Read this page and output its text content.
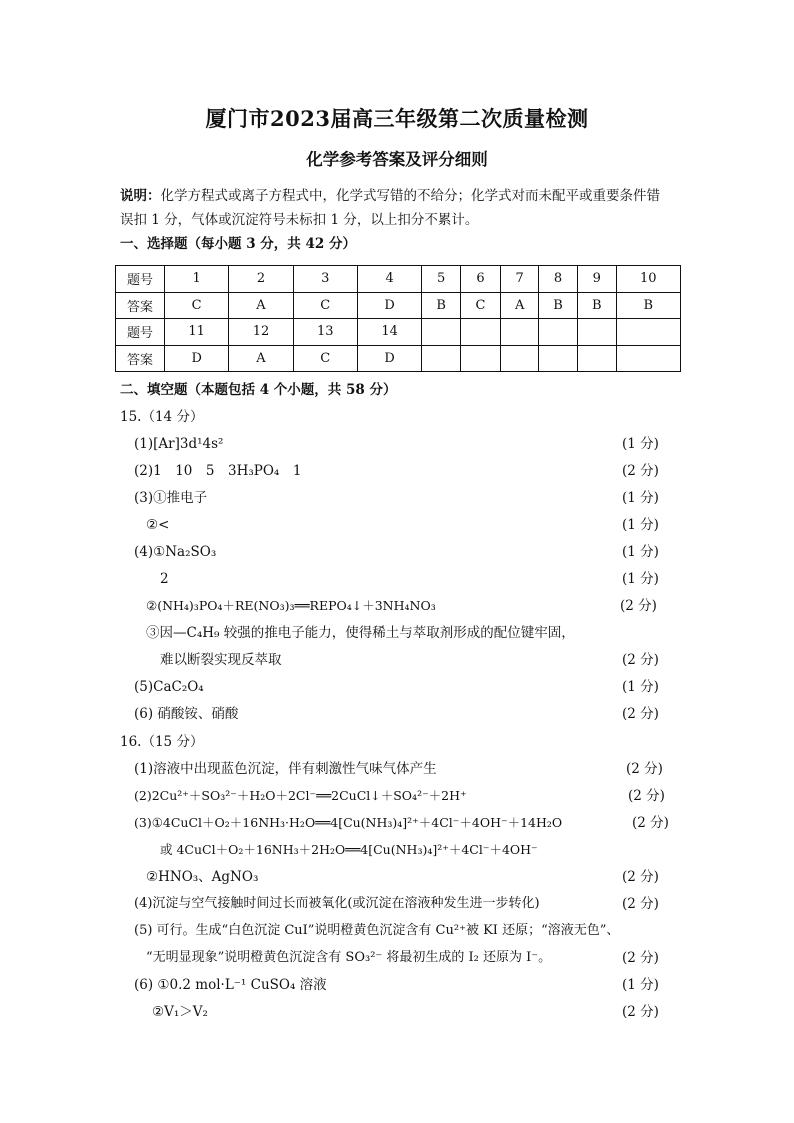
厦门市2023届高三年级第二次质量检测
化学参考答案及评分细则
说明：化学方程式或离子方程式中，化学式写错的不给分；化学式对而未配平或重要条件错
误扣 1 分，气体或沉淀符号未标扣 1 分，以上扣分不累计。
一、选择题（每小题 3 分，共 42 分）
题号	1	2	3	4	5	6	7	8	9	10
答案	C	A	C	D	B	C	A	B	B	B
题号	11	12	13	14						
答案	D	A	C	D						
二、填空题（本题包括 4 个小题，共 58 分）
15.（14 分）
(1)[Ar]3d¹4s²	(1 分)
(2)1　10　5　3H₃PO₄　1	(2 分)
(3)①推电子	(1 分)
②<	(1 分)
(4)①Na₂SO₃	(1 分)
2	(1 分)
②(NH₄)₃PO₄＋RE(NO₃)₃══REPO₄↓＋3NH₄NO₃	(2 分)
③因—C₄H₉ 较强的推电子能力，使得稀土与萃取剂形成的配位键牢固，
难以断裂实现反萃取	(2 分)
(5)CaC₂O₄	(1 分)
(6) 硝酸铵、硝酸	(2 分)
16.（15 分）
(1)溶液中出现蓝色沉淀，伴有刺激性气味气体产生	(2 分)
(2)2Cu²⁺＋SO₃²⁻＋H₂O＋2Cl⁻══2CuCl↓＋SO₄²⁻＋2H⁺	(2 分)
(3)①4CuCl＋O₂＋16NH₃·H₂O══4[Cu(NH₃)₄]²⁺＋4Cl⁻＋4OH⁻＋14H₂O	(2 分)
或 4CuCl＋O₂＋16NH₃＋2H₂O══4[Cu(NH₃)₄]²⁺＋4Cl⁻＋4OH⁻
②HNO₃、AgNO₃	(2 分)
(4)沉淀与空气接触时间过长而被氧化(或沉淀在溶液种发生进一步转化)	(2 分)
(5) 可行。生成“白色沉淀 CuI”说明橙黄色沉淀含有 Cu²⁺被 KI 还原；“溶液无色”、
“无明显现象”说明橙黄色沉淀含有 SO₃²⁻ 将最初生成的 I₂ 还原为 I⁻。	(2 分)
(6) ①0.2 mol·L⁻¹ CuSO₄ 溶液	(1 分)
②V₁＞V₂	(2 分)
